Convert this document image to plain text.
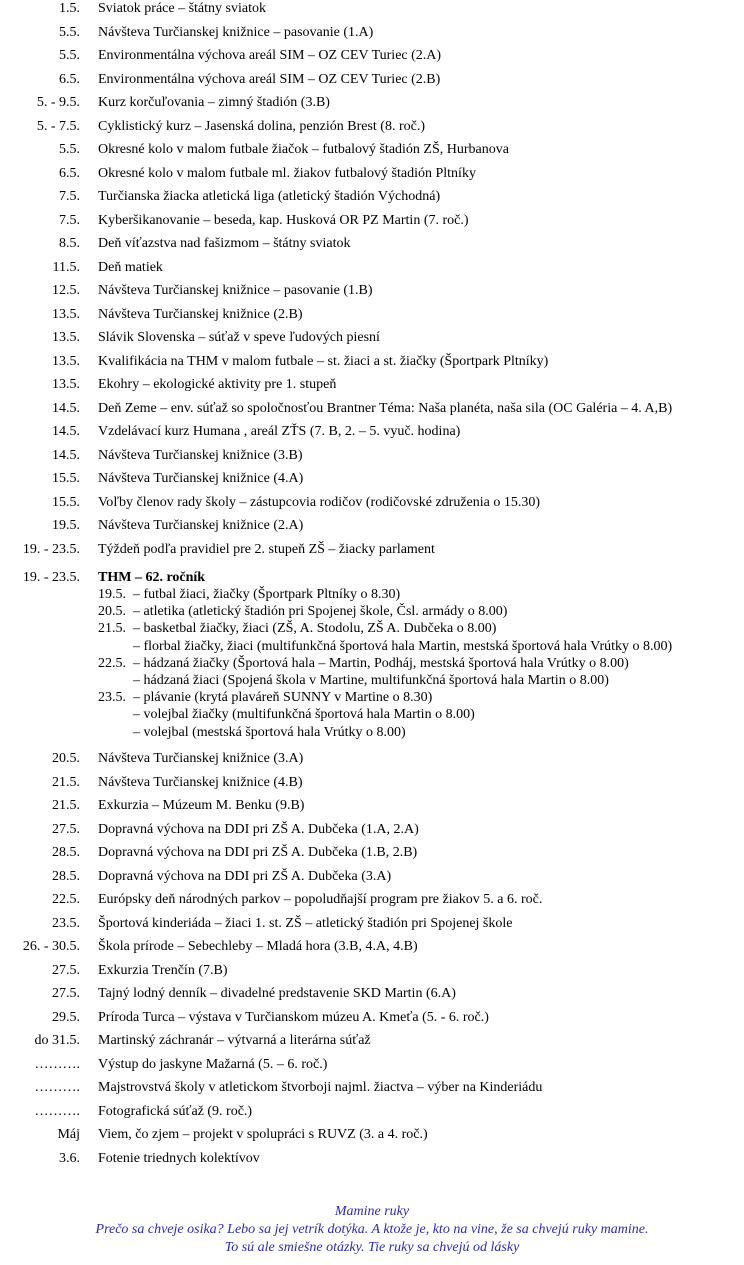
1.5. Sviatok práce – štátny sviatok
5.5. Návšteva Turčianskej knižnice – pasovanie (1.A)
5.5. Environmentálna výchova areál SIM – OZ CEV Turiec (2.A)
6.5. Environmentálna výchova areál SIM – OZ CEV Turiec (2.B)
5. - 9.5. Kurz korčuľovania – zimný štadión (3.B)
5. - 7.5. Cyklistický kurz – Jasenská dolina, penzión Brest (8. roč.)
5.5. Okresné kolo v malom futbale žiačok – futbalový štadión ZŠ, Hurbanova
6.5. Okresné kolo v malom futbale ml. žiakov futbalový štadión Pltníky
7.5. Turčianska žiacka atletická liga (atletický štadión Východná)
7.5. Kyberšikanovanie – beseda, kap. Husková OR PZ Martin (7. roč.)
8.5. Deň víťazstva nad fašizmom – štátny sviatok
11.5. Deň matiek
12.5. Návšteva Turčianskej knižnice – pasovanie (1.B)
13.5. Návšteva Turčianskej knižnice (2.B)
13.5. Slávik Slovenska – súťaž v speve ľudových piesní
13.5. Kvalifikácia na THM v malom futbale – st. žiaci a st. žiačky (Športpark Pltníky)
13.5. Ekohry – ekologické aktivity pre 1. stupeň
14.5. Deň Zeme – env. súťaž so spoločnosťou Brantner Téma: Naša planéta, naša sila (OC Galéria – 4. A,B)
14.5. Vzdelávací kurz Humana , areál ZŤS (7. B, 2. – 5. vyuč. hodina)
14.5. Návšteva Turčianskej knižnice (3.B)
15.5. Návšteva Turčianskej knižnice (4.A)
15.5. Voľby členov rady školy – zástupcovia rodičov (rodičovské združenia o 15.30)
19.5. Návšteva Turčianskej knižnice (2.A)
19. - 23.5. Týždeň podľa pravidiel pre 2. stupeň ZŠ – žiacky parlament
19. - 23.5. THM – 62. ročník
19.5. – futbal žiaci, žiačky (Športpark Pltníky o 8.30)
20.5. – atletika (atletický štadión pri Spojenej škole, Čsl. armády o 8.00)
21.5. – basketbal žiačky, žiaci (ZŠ, A. Stodolu, ZŠ A. Dubčeka o 8.00)
– florbal žiačky, žiaci (multifunkčná športová hala Martin, mestská športová hala Vrútky o 8.00)
22.5. – hádzaná žiačky (Športová hala – Martin, Podháj, mestská športová hala Vrútky o 8.00)
– hádzaná žiaci (Spojená škola v Martine, multifunkčná športová hala Martin o 8.00)
23.5. – plávanie (krytá plaváreň SUNNY v Martine o 8.30)
– volejbal žiačky (multifunkčná športová hala Martin o 8.00)
– volejbal (mestská športová hala Vrútky o 8.00)
20.5. Návšteva Turčianskej knižnice (3.A)
21.5. Návšteva Turčianskej knižnice (4.B)
21.5. Exkurzia – Múzeum M. Benku (9.B)
27.5. Dopravná výchova na DDI pri ZŠ A. Dubčeka (1.A, 2.A)
28.5. Dopravná výchova na DDI pri ZŠ A. Dubčeka (1.B, 2.B)
28.5. Dopravná výchova na DDI pri ZŠ A. Dubčeka (3.A)
22.5. Európsky deň národných parkov – popoludňajší program pre žiakov 5. a 6. roč.
23.5. Športová kinderiáda – žiaci 1. st. ZŠ – atletický štadión pri Spojenej škole
26. - 30.5. Škola prírode – Sebechleby – Mladá hora (3.B, 4.A, 4.B)
27.5. Exkurzia Trenčín (7.B)
27.5. Tajný lodný denník – divadelné predstavenie SKD Martin (6.A)
29.5. Príroda Turca – výstava v Turčianskom múzeu A. Kmeťa (5. - 6. roč.)
do 31.5. Martinský záchranár – výtvarná a literárna súťaž
………. Výstup do jaskyne Mažarná (5. – 6. roč.)
………. Majstrovstvá školy v atletickom štvorboji najml. žiactva – výber na Kinderiádu
………. Fotografická súťaž (9. roč.)
Máj Viem, čo zjem – projekt v spolupráci s RUVZ (3. a 4. roč.)
3.6. Fotenie triednych kolektívov
Mamine ruky
Prečo sa chveje osika? Lebo sa jej vetrík dotýka. A ktože je, kto na vine, že sa chvejú ruky mamine.
To sú ale smiešne otázky. Tie ruky sa chvejú od lásky
